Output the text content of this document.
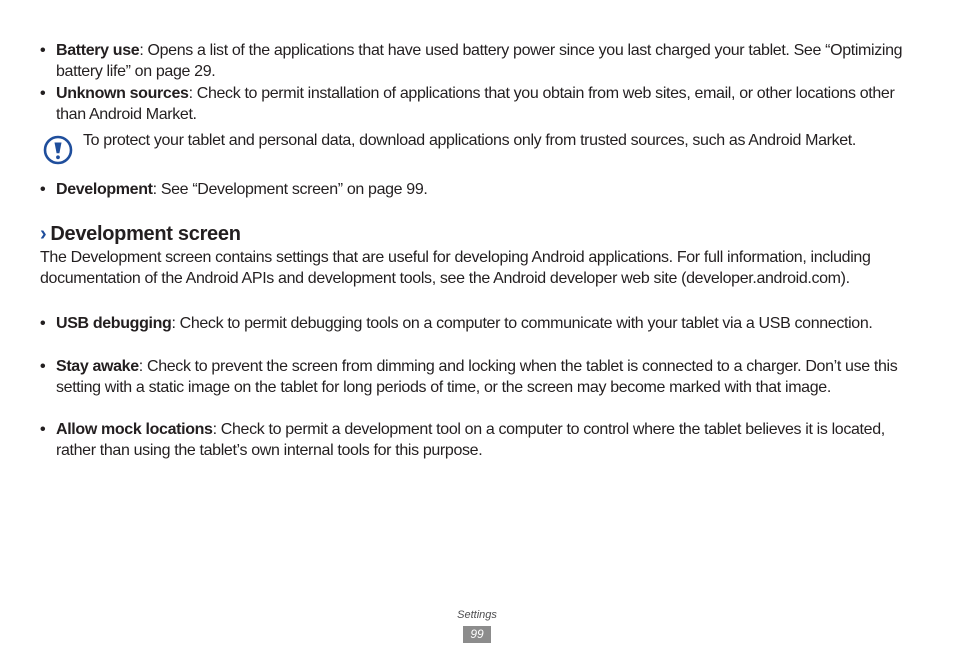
• Battery use: Opens a list of the applications that have used battery power since you last charged your tablet. See “Optimizing battery life” on page 29.
• Unknown sources: Check to permit installation of applications that you obtain from web sites, email, or other locations other than Android Market.
To protect your tablet and personal data, download applications only from trusted sources, such as Android Market.
• Development: See “Development screen” on page 99.
› Development screen
The Development screen contains settings that are useful for developing Android applications. For full information, including documentation of the Android APIs and development tools, see the Android developer web site (developer.android.com).
• USB debugging: Check to permit debugging tools on a computer to communicate with your tablet via a USB connection.
• Stay awake: Check to prevent the screen from dimming and locking when the tablet is connected to a charger. Don’t use this setting with a static image on the tablet for long periods of time, or the screen may become marked with that image.
• Allow mock locations: Check to permit a development tool on a computer to control where the tablet believes it is located, rather than using the tablet’s own internal tools for this purpose.
Settings
99
